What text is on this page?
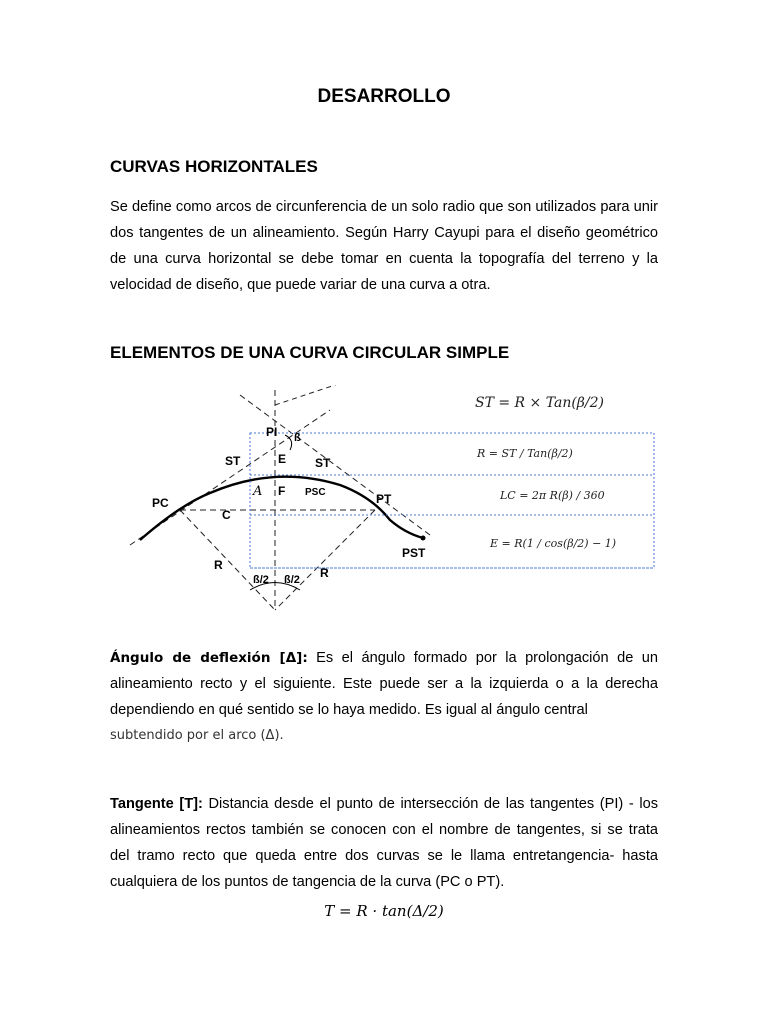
DESARROLLO
CURVAS HORIZONTALES
Se define como arcos de circunferencia de un solo radio que son utilizados para unir dos tangentes de un alineamiento. Según Harry Cayupi para el diseño geométrico de una curva horizontal se debe tomar en cuenta la topografía del terreno y la velocidad de diseño, que puede variar de una curva a otra.
ELEMENTOS DE UNA CURVA CIRCULAR SIMPLE
PI
PC	PT
PST
PSC
ST	ST
E
F
C
R
R
A
ß
ß/2 ß/2
ST = R × Tan(β/2)
R = ST / Tan(β/2)
LC = 2π R(β) / 360
E = R(1 / cos(β/2) − 1)
Ángulo de deflexión [Δ]: Es el ángulo formado por la prolongación de un alineamiento recto y el siguiente. Este puede ser a la izquierda o a la derecha dependiendo en qué sentido se lo haya medido. Es igual al ángulo central
subtendido por el arco (Δ).
Tangente [T]: Distancia desde el punto de intersección de las tangentes (PI) - los alineamientos rectos también se conocen con el nombre de tangentes, si se trata del tramo recto que queda entre dos curvas se le llama entretangencia- hasta cualquiera de los puntos de tangencia de la curva (PC o PT).
T = R · tan(Δ/2)
